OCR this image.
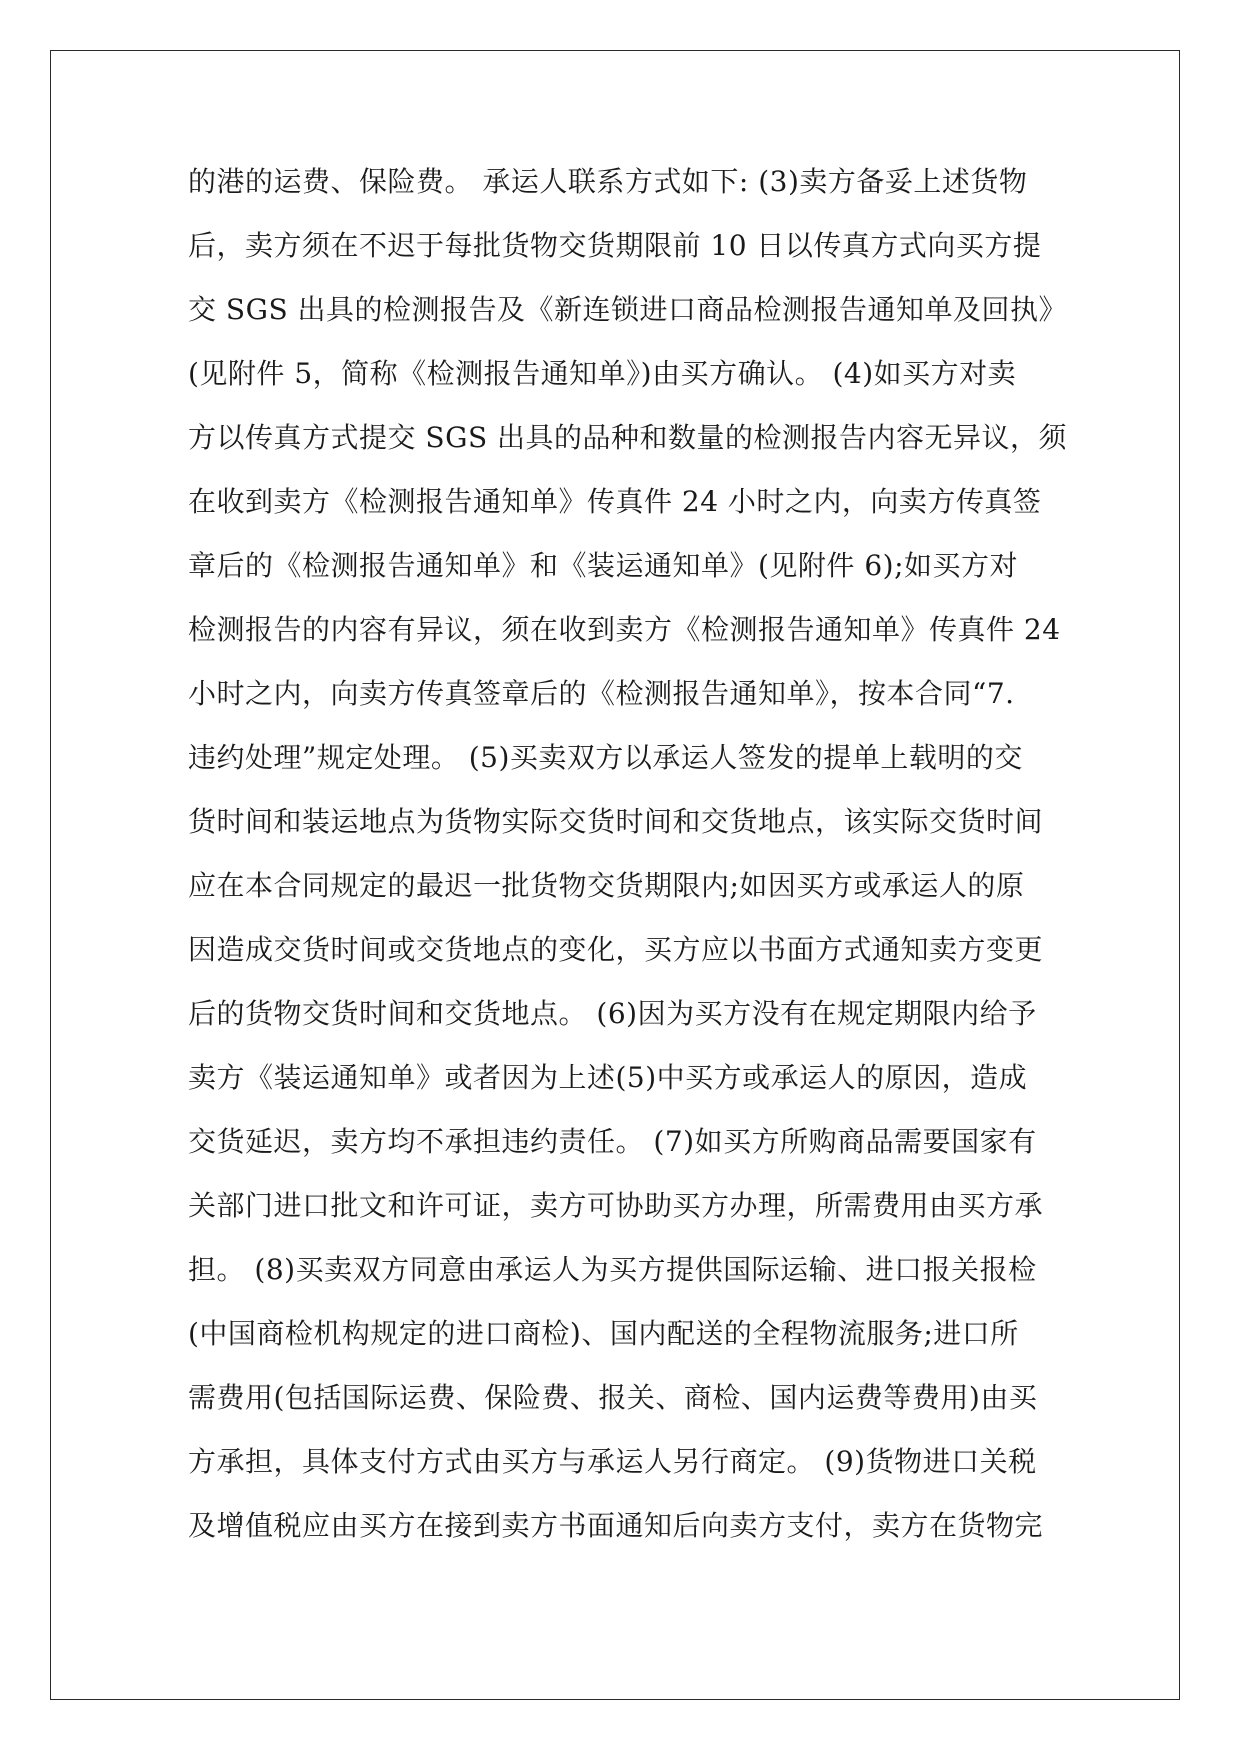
的港的运费、保险费。 承运人联系方式如下: (3)卖方备妥上述货物
后，卖方须在不迟于每批货物交货期限前 10 日以传真方式向买方提
交 SGS 出具的检测报告及《新连锁进口商品检测报告通知单及回执》
(见附件 5，简称《检测报告通知单》)由买方确认。 (4)如买方对卖
方以传真方式提交 SGS 出具的品种和数量的检测报告内容无异议，须
在收到卖方《检测报告通知单》传真件 24 小时之内，向卖方传真签
章后的《检测报告通知单》和《装运通知单》(见附件 6);如买方对
检测报告的内容有异议，须在收到卖方《检测报告通知单》传真件 24
小时之内，向卖方传真签章后的《检测报告通知单》，按本合同“7.
违约处理”规定处理。 (5)买卖双方以承运人签发的提单上载明的交
货时间和装运地点为货物实际交货时间和交货地点，该实际交货时间
应在本合同规定的最迟一批货物交货期限内;如因买方或承运人的原
因造成交货时间或交货地点的变化，买方应以书面方式通知卖方变更
后的货物交货时间和交货地点。 (6)因为买方没有在规定期限内给予
卖方《装运通知单》或者因为上述(5)中买方或承运人的原因，造成
交货延迟，卖方均不承担违约责任。 (7)如买方所购商品需要国家有
关部门进口批文和许可证，卖方可协助买方办理，所需费用由买方承
担。 (8)买卖双方同意由承运人为买方提供国际运输、进口报关报检
(中国商检机构规定的进口商检)、国内配送的全程物流服务;进口所
需费用(包括国际运费、保险费、报关、商检、国内运费等费用)由买
方承担，具体支付方式由买方与承运人另行商定。 (9)货物进口关税
及增值税应由买方在接到卖方书面通知后向卖方支付，卖方在货物完
